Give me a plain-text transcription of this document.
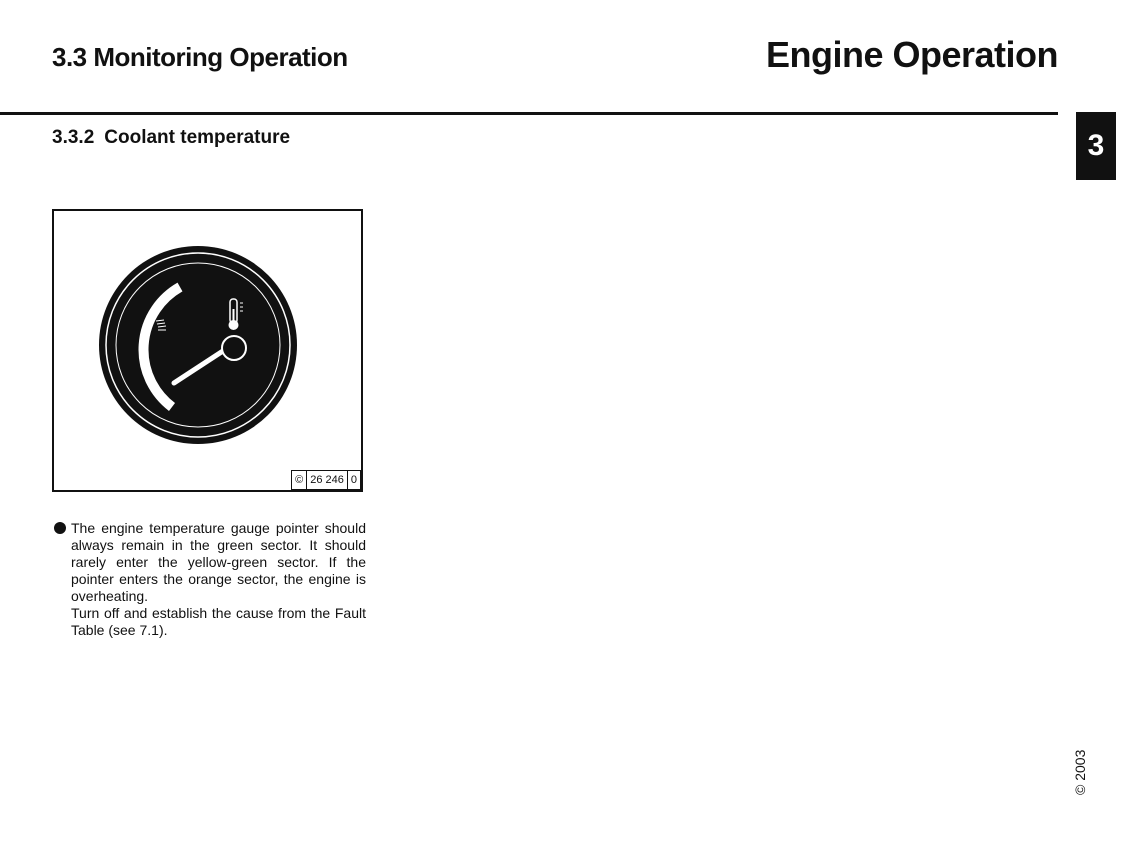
3.3 Monitoring Operation	Engine Operation
3
3.3.2 Coolant temperature
© 26 246 0

The engine temperature gauge pointer should always remain in the green sector. It should rarely enter the yellow-green sector. If the pointer enters the orange sector, the engine is overheating.

Turn off and establish the cause from the Fault Table (see 7.1).

© 2003
